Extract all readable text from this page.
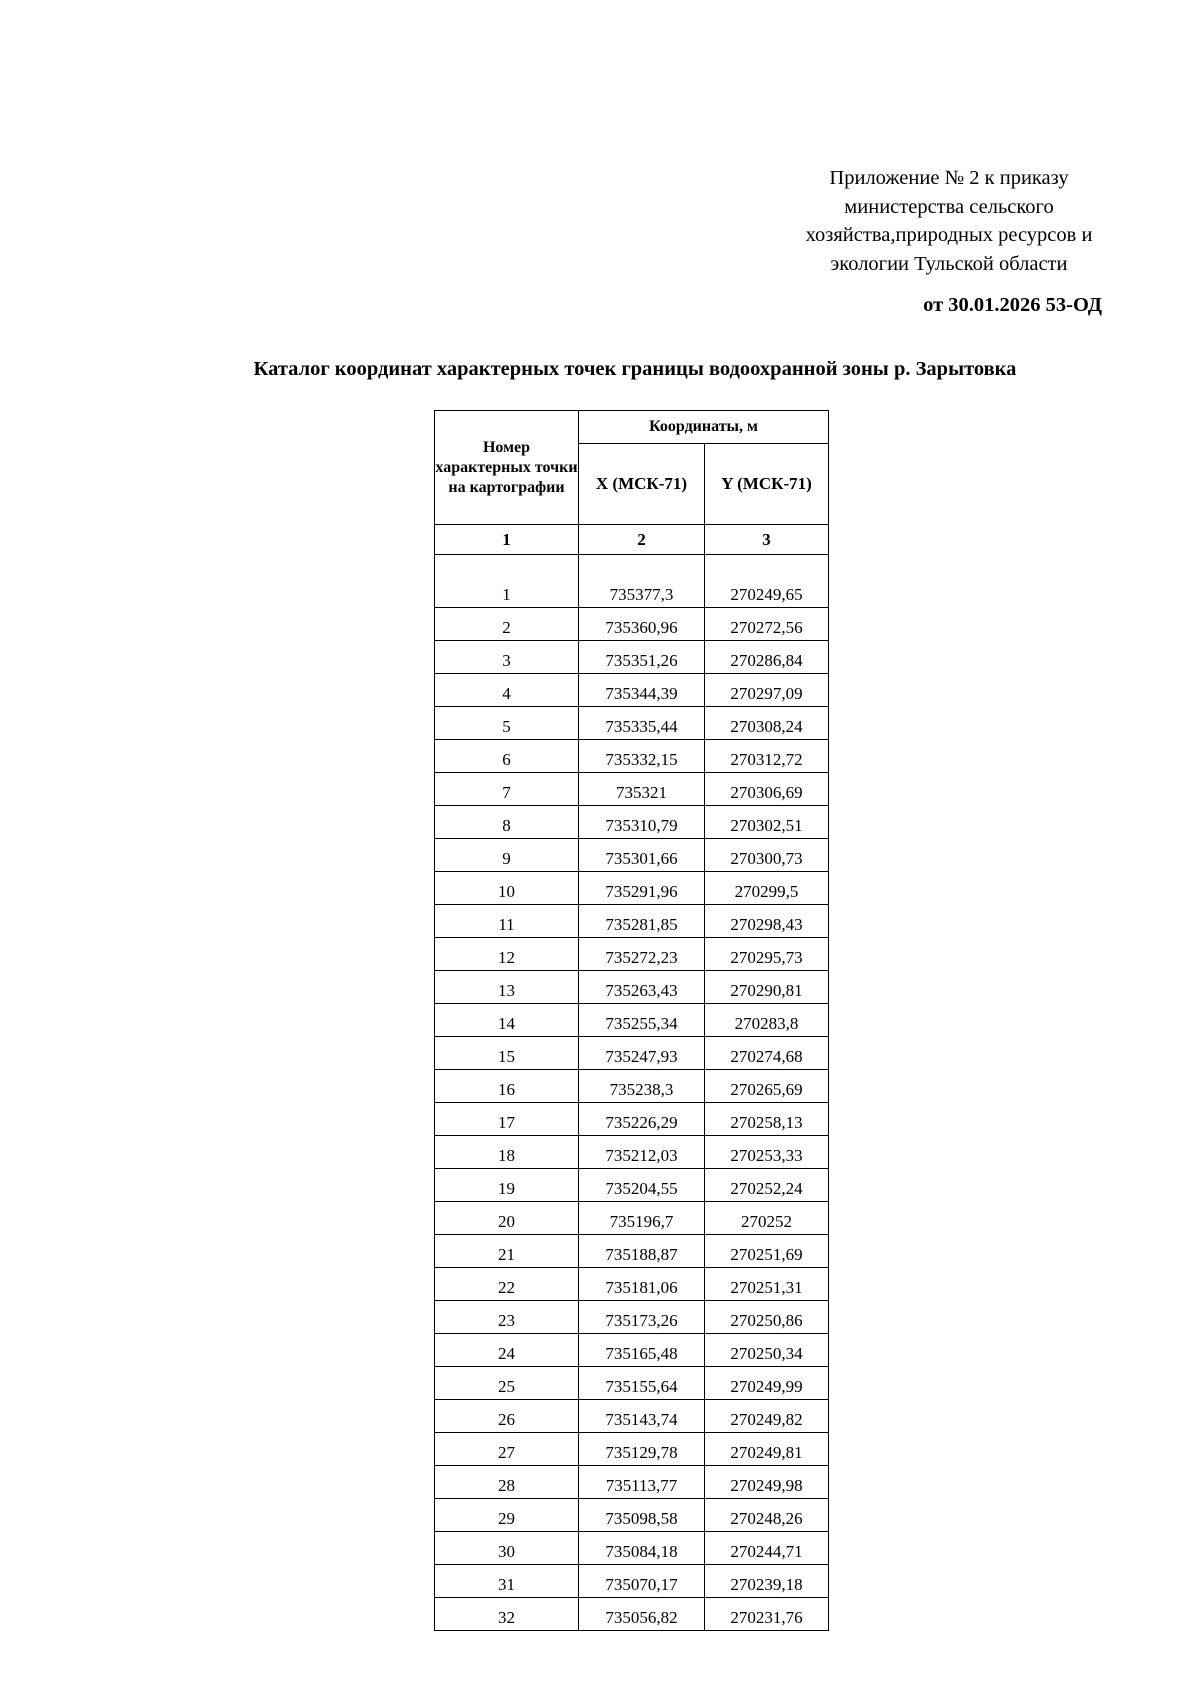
Приложение № 2 к приказу
министерства сельского
хозяйства,природных ресурсов и
экологии Тульской области
от 30.01.2026 53-ОД
Каталог координат характерных точек границы водоохранной зоны р. Зарытовка
Номер характерных точки на картографии	Координаты, м	
	X (МСК-71)	Y (МСК-71)
1	2	3

1	735377,3	270249,65
2	735360,96	270272,56
3	735351,26	270286,84
4	735344,39	270297,09
5	735335,44	270308,24
6	735332,15	270312,72
7	735321	270306,69
8	735310,79	270302,51
9	735301,66	270300,73
10	735291,96	270299,5
11	735281,85	270298,43
12	735272,23	270295,73
13	735263,43	270290,81
14	735255,34	270283,8
15	735247,93	270274,68
16	735238,3	270265,69
17	735226,29	270258,13
18	735212,03	270253,33
19	735204,55	270252,24
20	735196,7	270252
21	735188,87	270251,69
22	735181,06	270251,31
23	735173,26	270250,86
24	735165,48	270250,34
25	735155,64	270249,99
26	735143,74	270249,82
27	735129,78	270249,81
28	735113,77	270249,98
29	735098,58	270248,26
30	735084,18	270244,71
31	735070,17	270239,18
32	735056,82	270231,76
